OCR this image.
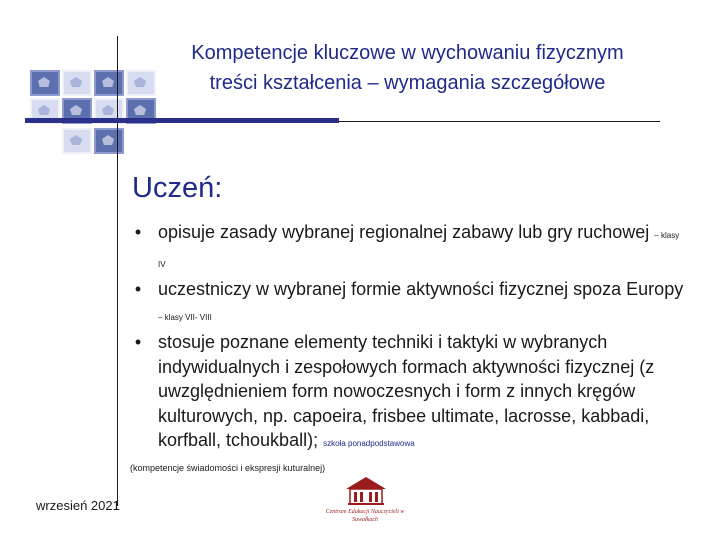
Kompetencje kluczowe w wychowaniu fizycznym
treści kształcenia – wymagania szczegółowe
Uczeń:
• opisuje zasady wybranej regionalnej zabawy lub gry ruchowej – klasy IV
• uczestniczy w wybranej formie aktywności fizycznej spoza Europy – klasy VII- VIII
• stosuje poznane elementy techniki i taktyki w wybranych indywidualnych i zespołowych formach aktywności fizycznej (z uwzględnieniem form nowoczesnych i form z innych kręgów kulturowych, np. capoeira, frisbee ultimate, lacrosse, kabbadi, korfball, tchoukball); szkoła ponadpodstawowa
(kompetencje świadomości i ekspresji kuturalnej)
wrzesień 2021	Centrum Edukacji Nauczycieli w Suwałkach
